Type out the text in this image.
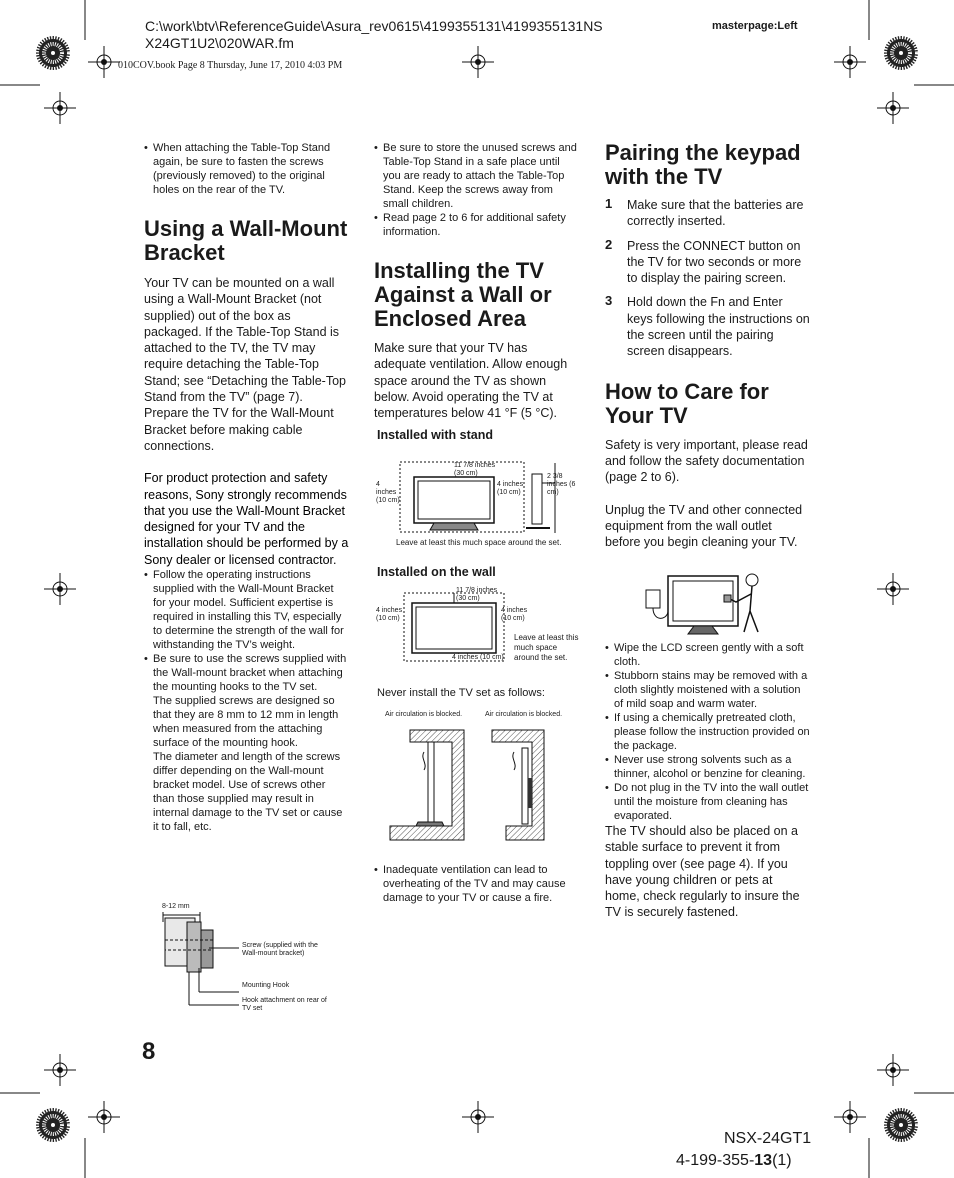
C:\work\btv\ReferenceGuide\Asura_rev0615\4199355131\4199355131NS
X24GT1U2\020WAR.fm
masterpage:Left
010COV.book Page 8 Thursday, June 17, 2010 4:03 PM
• When attaching the Table-Top Stand again, be sure to fasten the screws (previously removed) to the original holes on the rear of the TV.
Using a Wall-Mount Bracket

Your TV can be mounted on a wall using a Wall-Mount Bracket (not supplied) out of the box as packaged. If the Table-Top Stand is attached to the TV, the TV may require detaching the Table-Top Stand; see “Detaching the Table-Top Stand from the TV” (page 7).

Prepare the TV for the Wall-Mount Bracket before making cable connections.

For product protection and safety reasons, Sony strongly recommends that you use the Wall-Mount Bracket designed for your TV and the installation should be performed by a Sony dealer or licensed contractor.

• Follow the operating instructions supplied with the Wall-Mount Bracket for your model. Sufficient expertise is required in installing this TV, especially to determine the strength of the wall for withstanding the TV’s weight.
• Be sure to use the screws supplied with the Wall-mount bracket when attaching the mounting hooks to the TV set.
The supplied screws are designed so that they are 8 mm to 12 mm in length when measured from the attaching surface of the mounting hook.
The diameter and length of the screws differ depending on the Wall-mount bracket model. Use of screws other than those supplied may result in internal damage to the TV set or cause it to fall, etc.
8-12 mm
Screw (supplied with the Wall-mount bracket)
Mounting Hook
Hook attachment on rear of TV set
• Be sure to store the unused screws and Table-Top Stand in a safe place until you are ready to attach the Table-Top Stand. Keep the screws away from small children.
• Read page 2 to 6 for additional safety information.
Installing the TV Against a Wall or Enclosed Area

Make sure that your TV has adequate ventilation. Allow enough space around the TV as shown below. Avoid operating the TV at temperatures below 41 °F (5 °C).

Installed with stand
11 7/8 inches (30 cm)
4 inches (10 cm)
4 inches (10 cm)
2 3/8 inches (6 cm)
Leave at least this much space around the set.
Installed on the wall
11 7/8 inches (30 cm)
4 inches (10 cm)
4 inches (10 cm)
4 inches (10 cm)
Leave at least this much space around the set.
Never install the TV set as follows:
Air circulation is blocked.	Air circulation is blocked.
• Inadequate ventilation can lead to overheating of the TV and may cause damage to your TV or cause a fire.
Pairing the keypad with the TV
1 Make sure that the batteries are correctly inserted.
2 Press the CONNECT button on the TV for two seconds or more to display the pairing screen.
3 Hold down the Fn and Enter keys following the instructions on the screen until the pairing screen disappears.
How to Care for Your TV

Safety is very important, please read and follow the safety documentation (page 2 to 6).

Unplug the TV and other connected equipment from the wall outlet before you begin cleaning your TV.

• Wipe the LCD screen gently with a soft cloth.
• Stubborn stains may be removed with a cloth slightly moistened with a solution of mild soap and warm water.
• If using a chemically pretreated cloth, please follow the instruction provided on the package.
• Never use strong solvents such as a thinner, alcohol or benzine for cleaning.
• Do not plug in the TV into the wall outlet until the moisture from cleaning has evaporated.

The TV should also be placed on a stable surface to prevent it from toppling over (see page 4). If you have young children or pets at home, check regularly to insure the TV is securely fastened.

8
NSX-24GT1
4-199-355-13(1)
